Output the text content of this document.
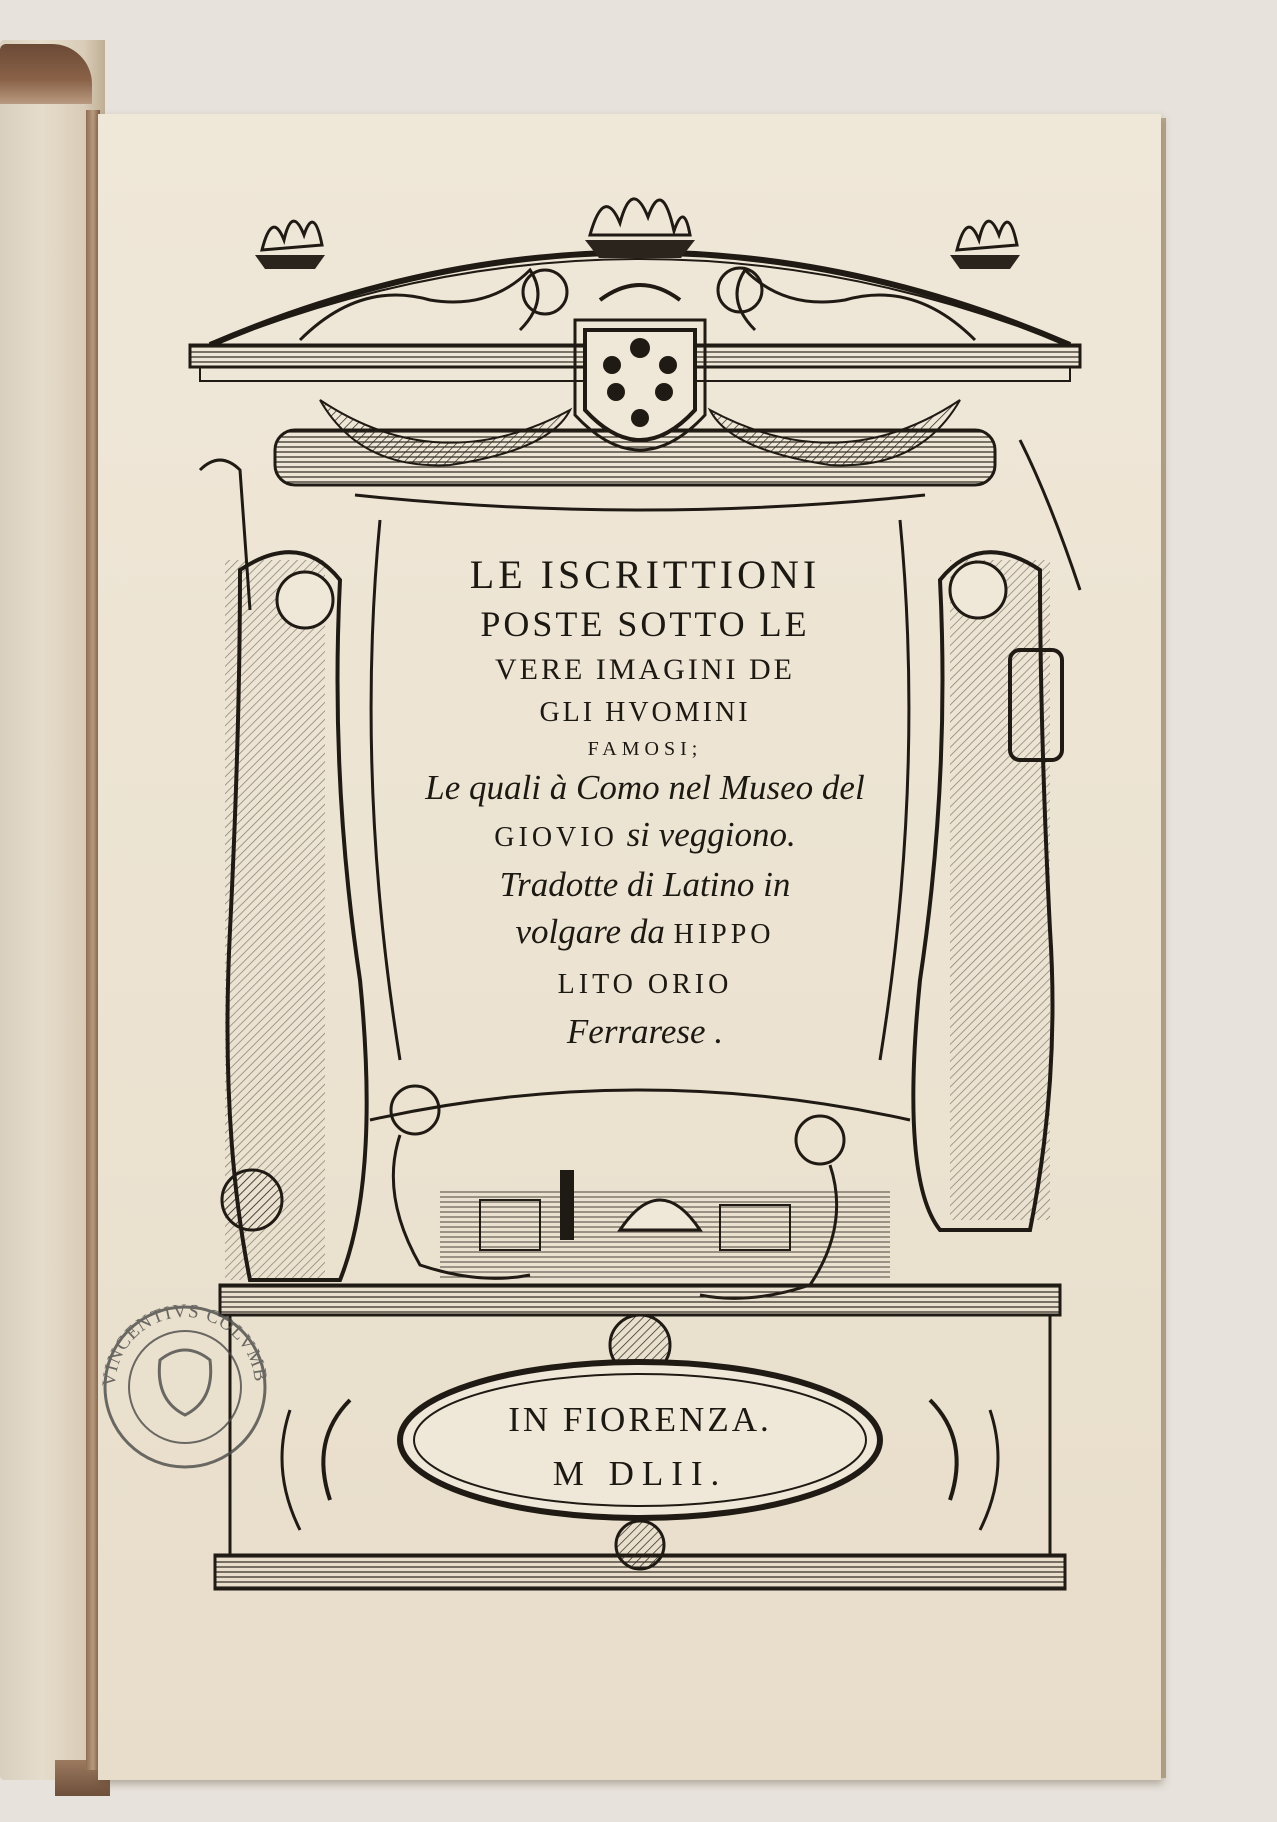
VINCENTIVS COLVMB
LE ISCRITTIONI
POSTE SOTTO LE
VERE IMAGINI DE
GLI HVOMINI
FAMOSI;
Le quali à Como nel Museo del
GIOVIO si veggiono.
Tradotte di Latino in
volgare da HIPPO
LITO ORIO
Ferrarese .
IN FIORENZA.
M DLII.
